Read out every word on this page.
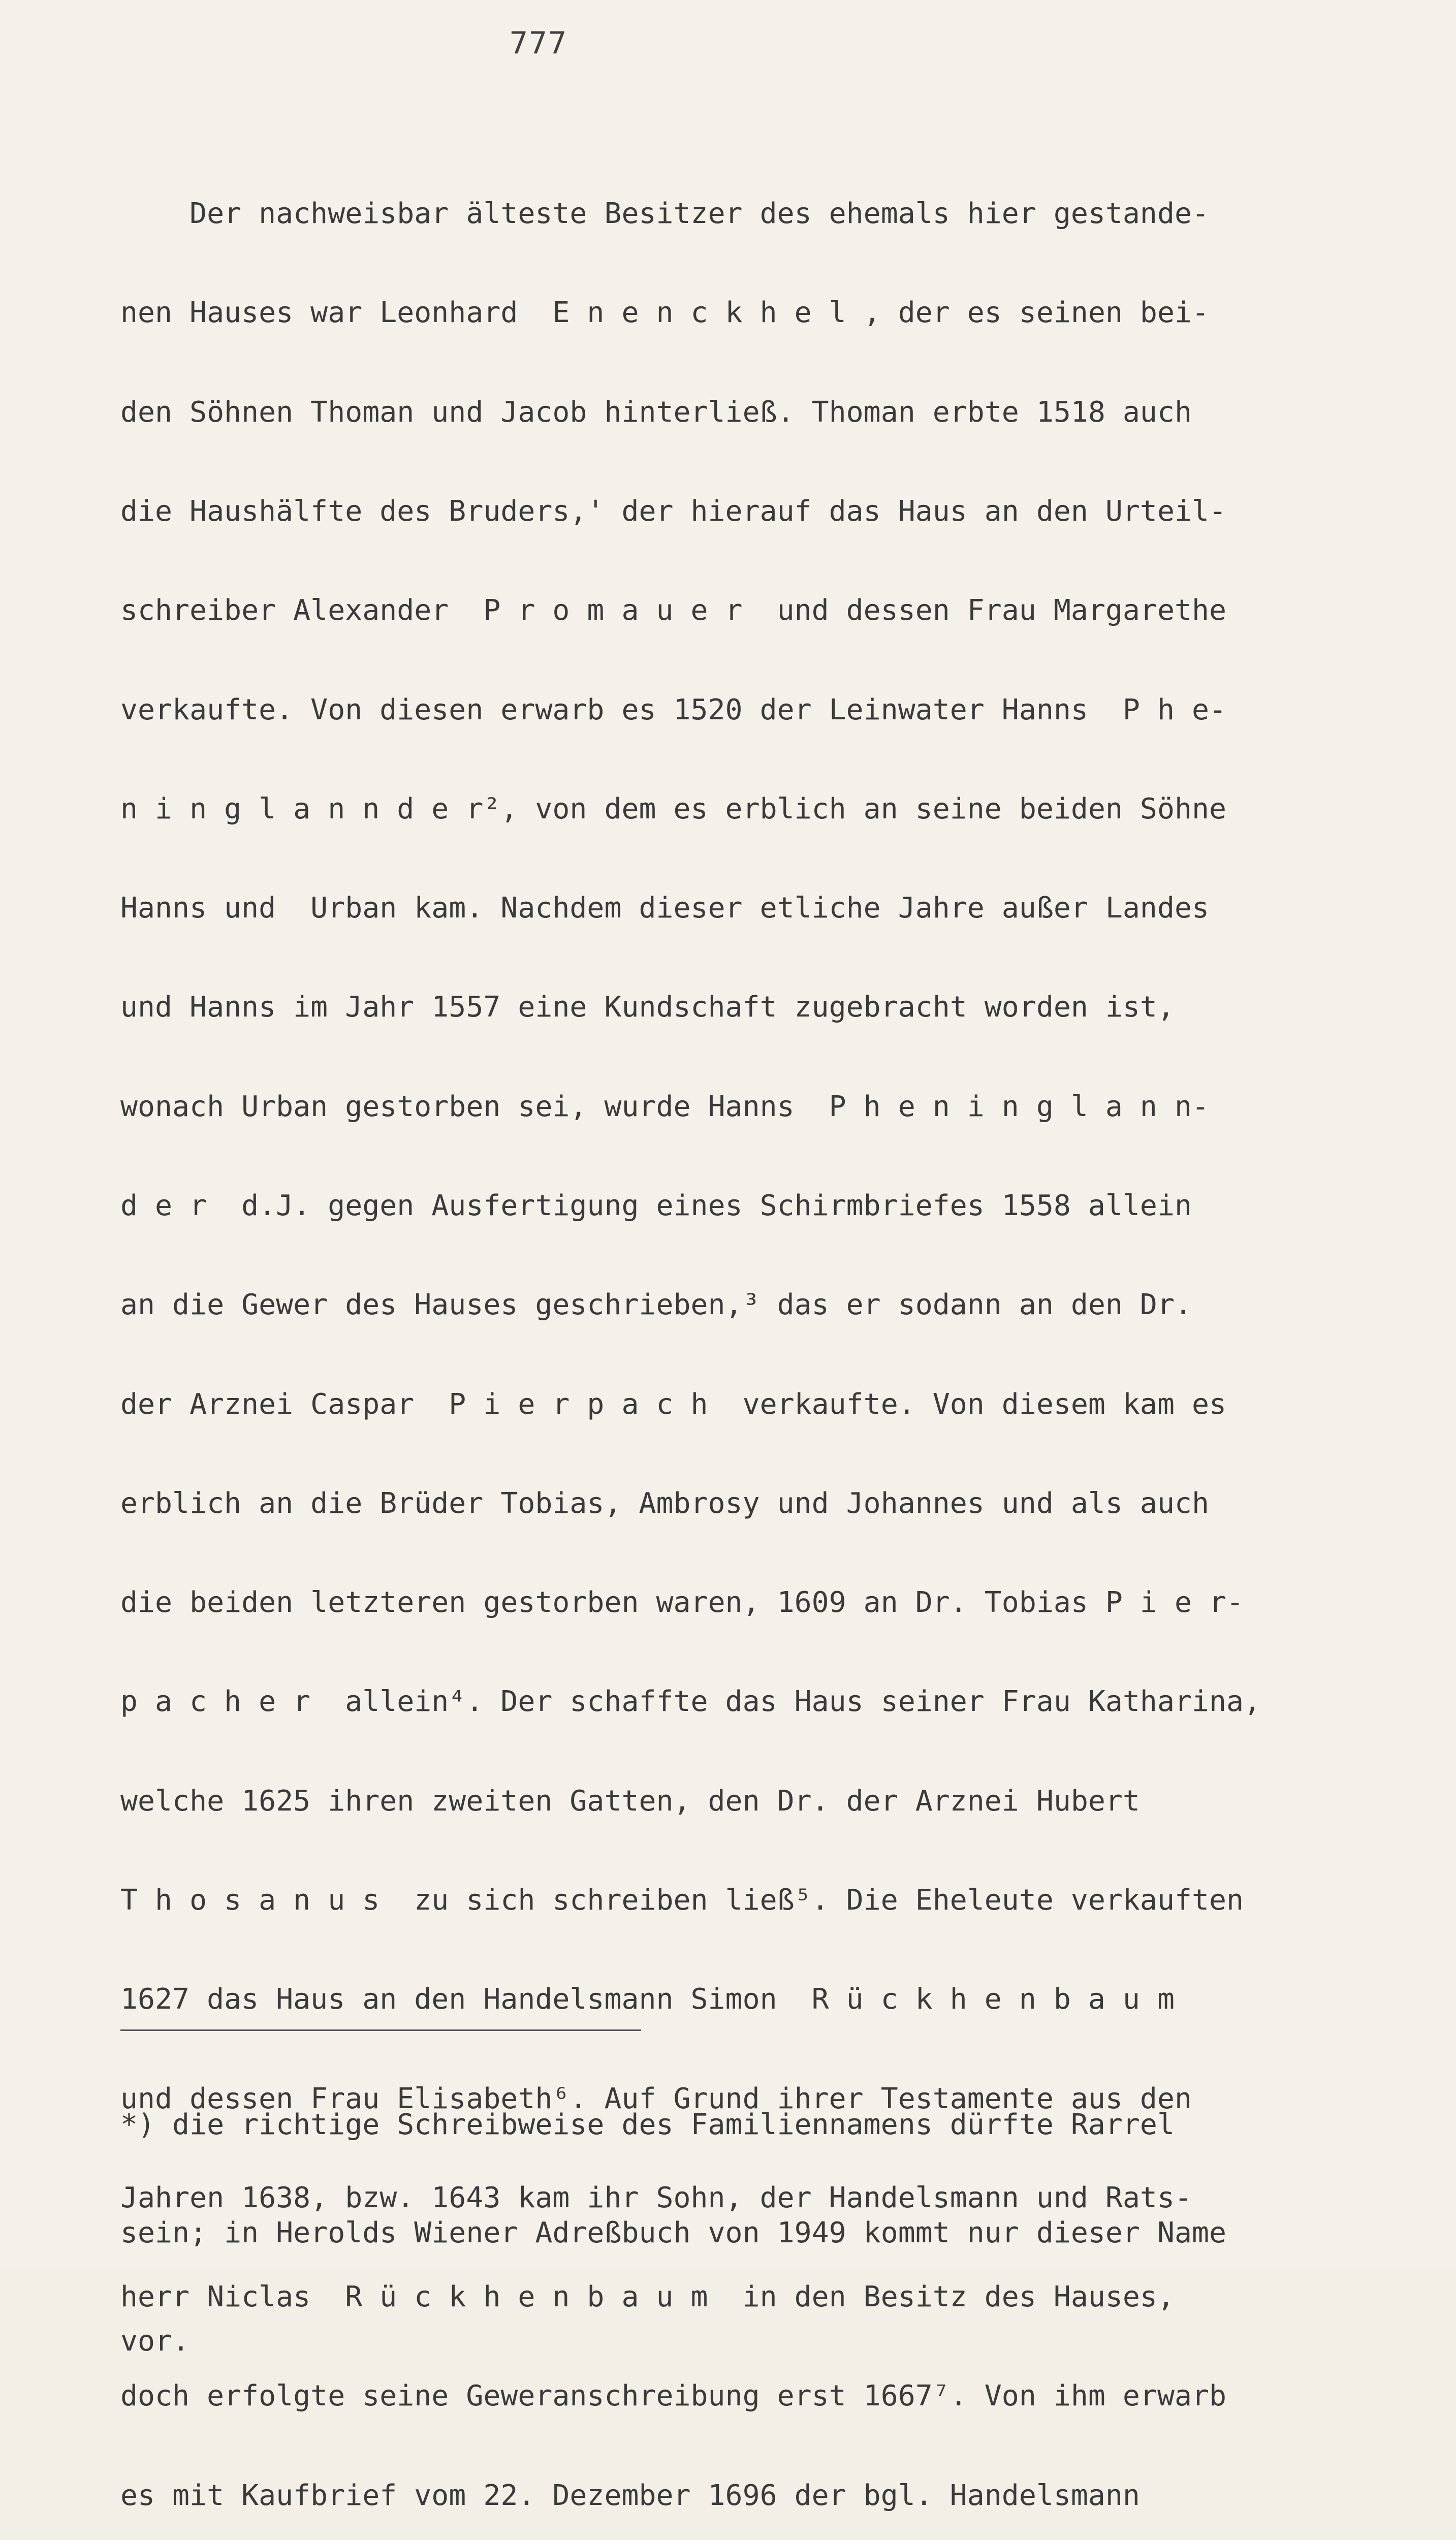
777

Der nachweisbar älteste Besitzer des ehemals hier gestande-

nen Hauses war Leonhard  E n e n c k h e l , der es seinen bei-

den Söhnen Thoman und Jacob hinterließ. Thoman erbte 1518 auch

die Haushälfte des Bruders,' der hierauf das Haus an den Urteil-

schreiber Alexander  P r o m a u e r  und dessen Frau Margarethe

verkaufte. Von diesen erwarb es 1520 der Leinwater Hanns  P h e-

n i n g l a n n d e r², von dem es erblich an seine beiden Söhne

Hanns und  Urban kam. Nachdem dieser etliche Jahre außer Landes

und Hanns im Jahr 1557 eine Kundschaft zugebracht worden ist,

wonach Urban gestorben sei, wurde Hanns  P h e n i n g l a n n-

d e r  d.J. gegen Ausfertigung eines Schirmbriefes 1558 allein

an die Gewer des Hauses geschrieben,³ das er sodann an den Dr.

der Arznei Caspar  P i e r p a c h  verkaufte. Von diesem kam es

erblich an die Brüder Tobias, Ambrosy und Johannes und als auch

die beiden letzteren gestorben waren, 1609 an Dr. Tobias P i e r-

p a c h e r  allein⁴. Der schaffte das Haus seiner Frau Katharina,

welche 1625 ihren zweiten Gatten, den Dr. der Arznei Hubert

T h o s a n u s  zu sich schreiben ließ⁵. Die Eheleute verkauften

1627 das Haus an den Handelsmann Simon  R ü c k h e n b a u m

und dessen Frau Elisabeth⁶. Auf Grund ihrer Testamente aus den

Jahren 1638, bzw. 1643 kam ihr Sohn, der Handelsmann und Rats-

herr Niclas  R ü c k h e n b a u m  in den Besitz des Hauses,

doch erfolgte seine Geweranschreibung erst 1667⁷. Von ihm erwarb

es mit Kaufbrief vom 22. Dezember 1696 der bgl. Handelsmann

*) die richtige Schreibweise des Familiennamens dürfte Rarrel

sein; in Herolds Wiener Adreßbuch von 1949 kommt nur dieser Name

vor.
